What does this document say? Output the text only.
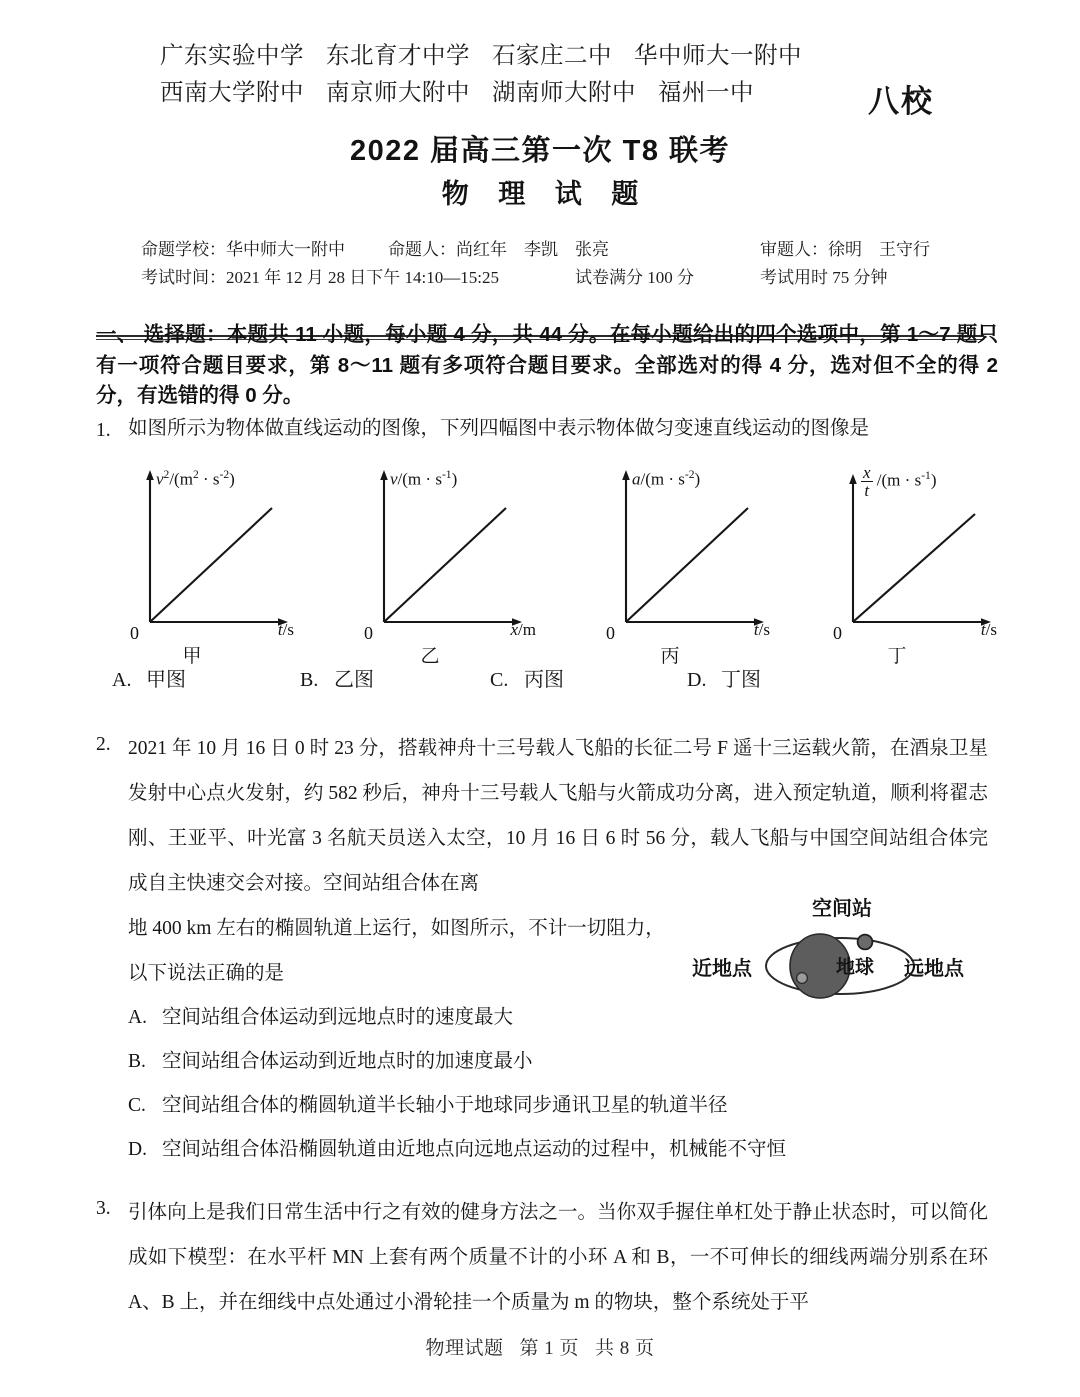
广东实验中学 东北育才中学 石家庄二中 华中师大一附中
西南大学附中 南京师大附中 湖南师大附中 福州一中	八校
2022 届高三第一次 T8 联考
物 理 试 题
命题学校：华中师大一附中	命题人：尚红年　李凯　张亮	审题人：徐明　王守行
考试时间：2021 年 12 月 28 日下午 14:10—15:25	试卷满分 100 分	考试用时 75 分钟
一、 选择题：本题共 11 小题，每小题 4 分，共 44 分。在每小题给出的四个选项中，第 1～7 题只有一项符合题目要求，第 8～11 题有多项符合题目要求。全部选对的得 4 分，选对但不全的得 2 分，有选错的得 0 分。
1. 如图所示为物体做直线运动的图像，下列四幅图中表示物体做匀变速直线运动的图像是
$v^2/(m^2 \cdot s^{-2})$
0	t/s
甲
$v/(m \cdot s^{-1})$
0	x/m
乙
$a/(m \cdot s^{-2})$
0	t/s
丙
$\frac{x}{t} /(m \cdot s^{-1})$
0	t/s
丁
A. 甲图	B. 乙图	C. 丙图	D. 丁图
2. 2021 年 10 月 16 日 0 时 23 分，搭载神舟十三号载人飞船的长征二号 F 遥十三运载火箭，在酒泉卫星发射中心点火发射，约 582 秒后，神舟十三号载人飞船与火箭成功分离，进入预定轨道，顺利将翟志刚、王亚平、叶光富 3 名航天员送入太空，10 月 16 日 6 时 56 分，载人飞船与中国空间站组合体完成自主快速交会对接。空间站组合体在离
地 400 km 左右的椭圆轨道上运行，如图所示，不计一切阻力，
以下说法正确的是
空间站
近地点	地球 远地点
A. 空间站组合体运动到远地点时的速度最大
B. 空间站组合体运动到近地点时的加速度最小
C. 空间站组合体的椭圆轨道半长轴小于地球同步通讯卫星的轨道半径
D. 空间站组合体沿椭圆轨道由近地点向远地点运动的过程中，机械能不守恒
3. 引体向上是我们日常生活中行之有效的健身方法之一。当你双手握住单杠处于静止状态时，可以简化成如下模型：在水平杆 MN 上套有两个质量不计的小环 A 和 B，一不可伸长的细线两端分别系在环 A、B 上，并在细线中点处通过小滑轮挂一个质量为 m 的物块，整个系统处于平
物理试题 第 1 页 共 8 页
